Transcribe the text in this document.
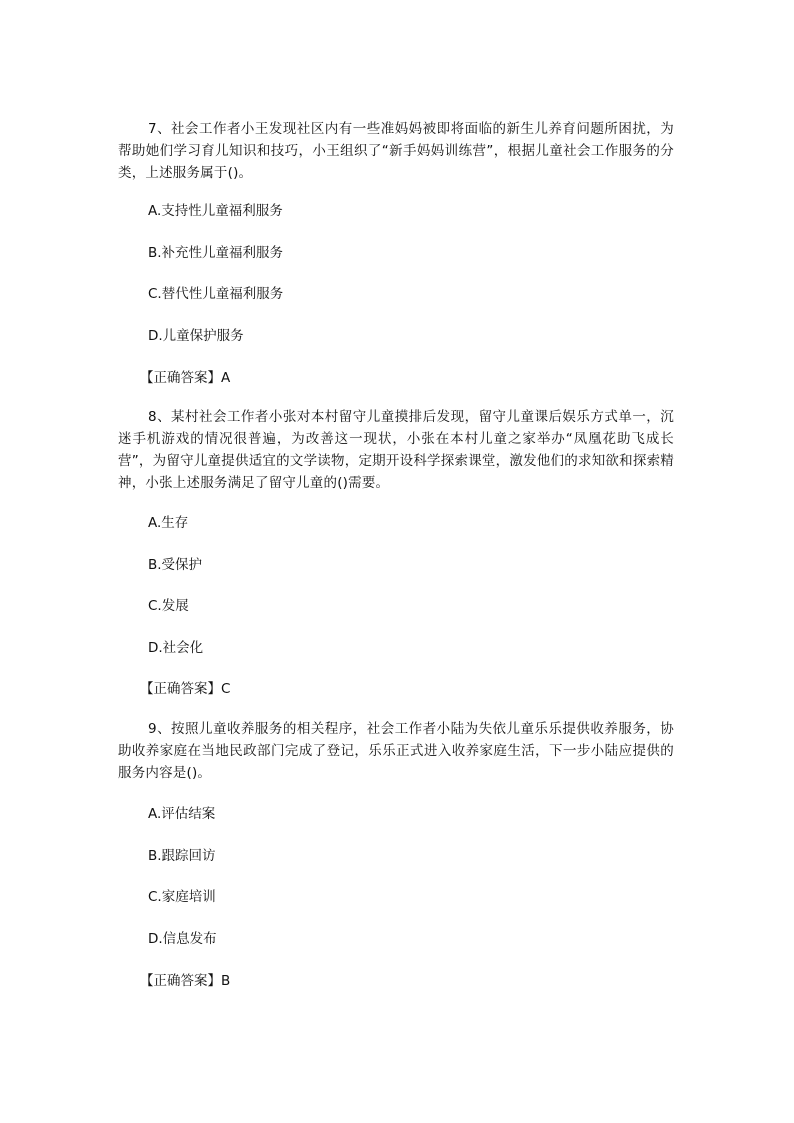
7、社会工作者小王发现社区内有一些准妈妈被即将面临的新生儿养育问题所困扰，为帮助她们学习育儿知识和技巧，小王组织了“新手妈妈训练营”，根据儿童社会工作服务的分类，上述服务属于()。

A.支持性儿童福利服务

B.补充性儿童福利服务

C.替代性儿童福利服务

D.儿童保护服务

【正确答案】A

8、某村社会工作者小张对本村留守儿童摸排后发现，留守儿童课后娱乐方式单一，沉迷手机游戏的情况很普遍，为改善这一现状，小张在本村儿童之家举办“凤凰花助飞成长营”，为留守儿童提供适宜的文学读物，定期开设科学探索课堂，激发他们的求知欲和探索精神，小张上述服务满足了留守儿童的()需要。

A.生存

B.受保护

C.发展

D.社会化

【正确答案】C

9、按照儿童收养服务的相关程序，社会工作者小陆为失依儿童乐乐提供收养服务，协助收养家庭在当地民政部门完成了登记，乐乐正式进入收养家庭生活，下一步小陆应提供的服务内容是()。

A.评估结案

B.跟踪回访

C.家庭培训

D.信息发布

【正确答案】B
